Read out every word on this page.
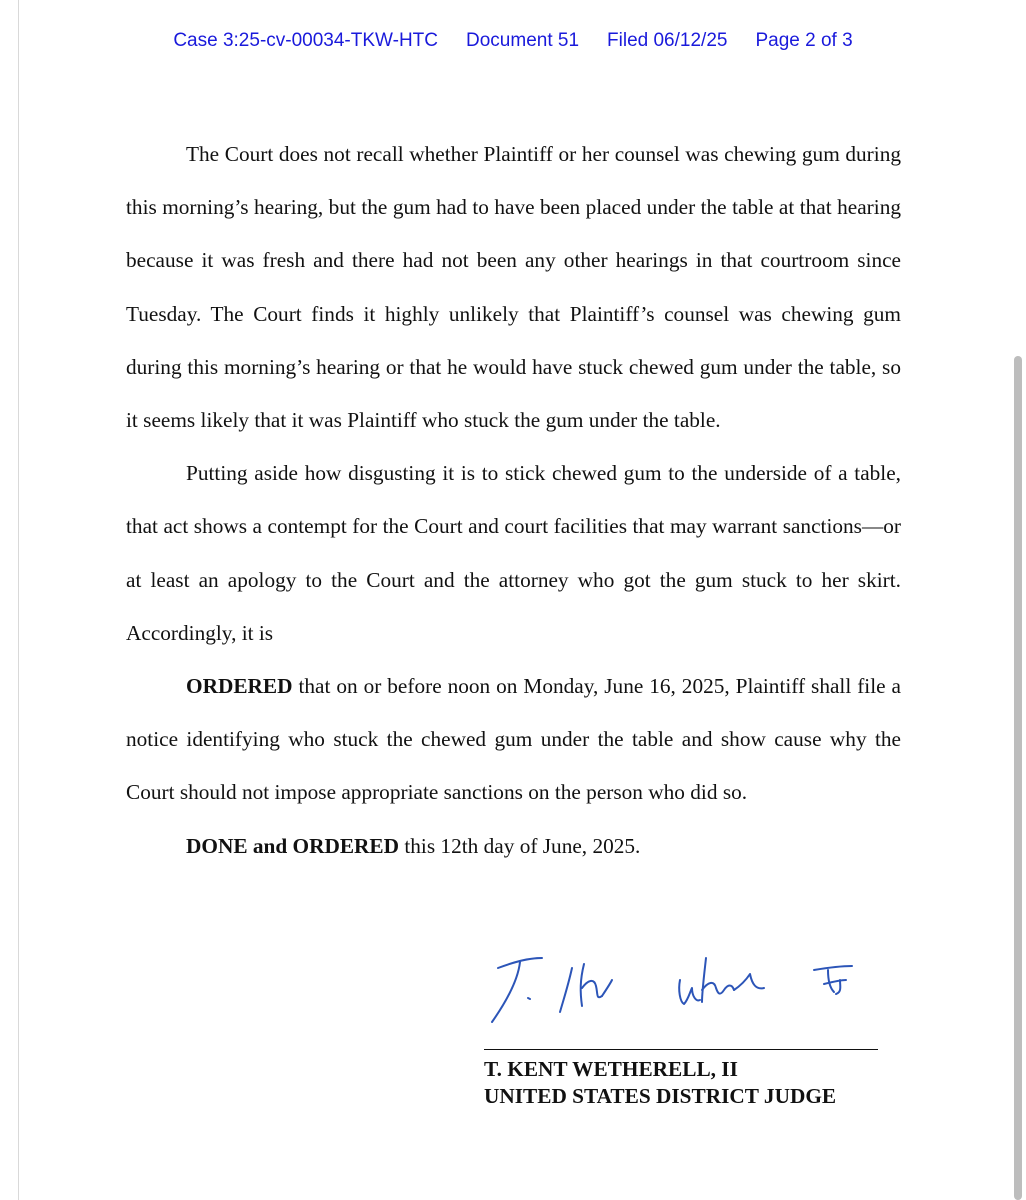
Case 3:25-cv-00034-TKW-HTC Document 51 Filed 06/12/25 Page 2 of 3

The Court does not recall whether Plaintiff or her counsel was chewing gum during this morning’s hearing, but the gum had to have been placed under the table at that hearing because it was fresh and there had not been any other hearings in that courtroom since Tuesday. The Court finds it highly unlikely that Plaintiff’s counsel was chewing gum during this morning’s hearing or that he would have stuck chewed gum under the table, so it seems likely that it was Plaintiff who stuck the gum under the table.

Putting aside how disgusting it is to stick chewed gum to the underside of a table, that act shows a contempt for the Court and court facilities that may warrant sanctions—or at least an apology to the Court and the attorney who got the gum stuck to her skirt. Accordingly, it is

ORDERED that on or before noon on Monday, June 16, 2025, Plaintiff shall file a notice identifying who stuck the chewed gum under the table and show cause why the Court should not impose appropriate sanctions on the person who did so.

DONE and ORDERED this 12th day of June, 2025.

T. KENT WETHERELL, II
UNITED STATES DISTRICT JUDGE
